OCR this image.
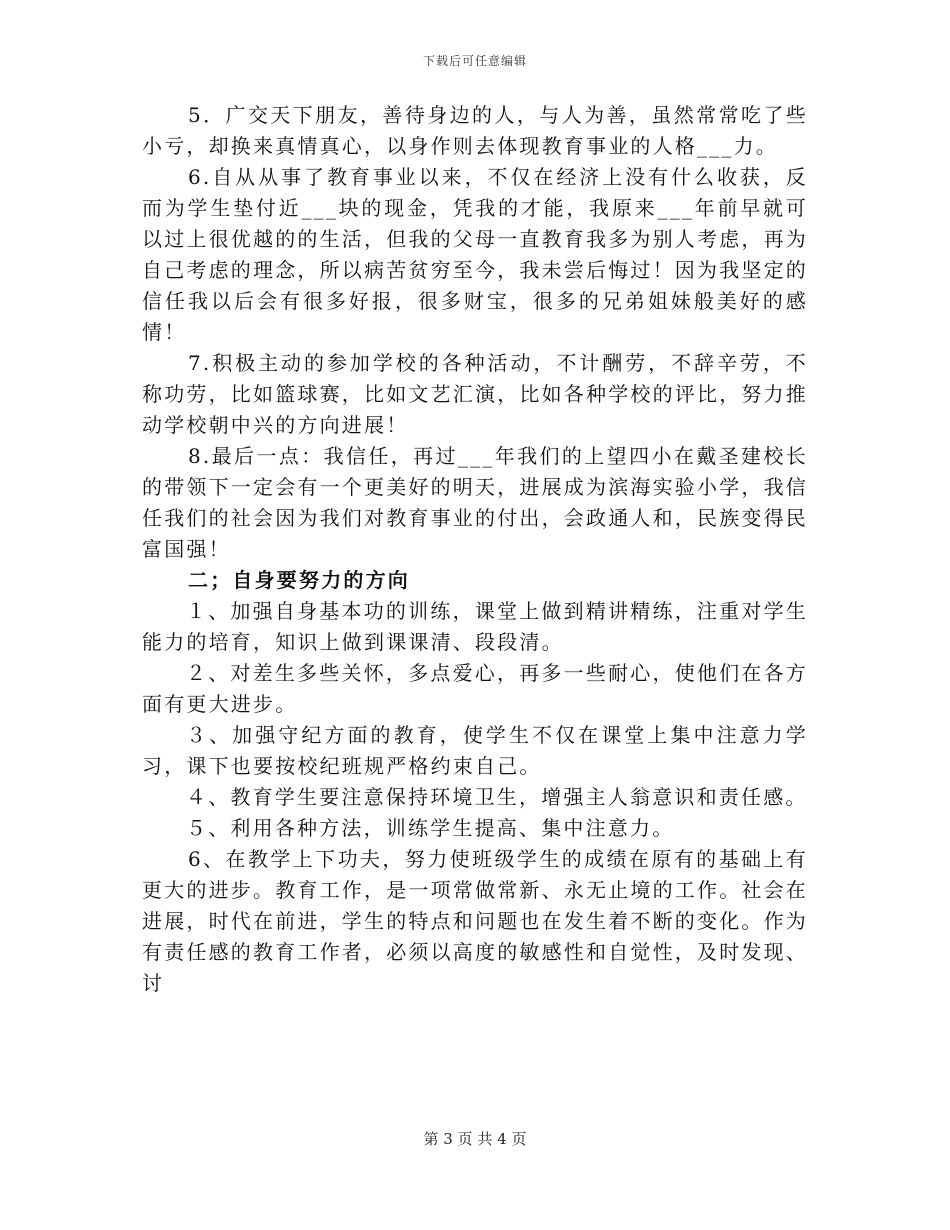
下载后可任意编辑

5．广交天下朋友，善待身边的人，与人为善，虽然常常吃了些小亏，却换来真情真心，以身作则去体现教育事业的人格___力。

6.自从从事了教育事业以来，不仅在经济上没有什么收获，反而为学生垫付近___块的现金，凭我的才能，我原来___年前早就可以过上很优越的的生活，但我的父母一直教育我多为别人考虑，再为自己考虑的理念，所以病苦贫穷至今，我未尝后悔过！因为我坚定的信任我以后会有很多好报，很多财宝，很多的兄弟姐妹般美好的感情！

7.积极主动的参加学校的各种活动，不计酬劳，不辞辛劳，不称功劳，比如篮球赛，比如文艺汇演，比如各种学校的评比，努力推动学校朝中兴的方向进展！

8.最后一点：我信任，再过___年我们的上望四小在戴圣建校长的带领下一定会有一个更美好的明天，进展成为滨海实验小学，我信任我们的社会因为我们对教育事业的付出，会政通人和，民族变得民富国强！

二；自身要努力的方向

１、加强自身基本功的训练，课堂上做到精讲精练，注重对学生能力的培育，知识上做到课课清、段段清。

２、对差生多些关怀，多点爱心，再多一些耐心，使他们在各方面有更大进步。

３、加强守纪方面的教育，使学生不仅在课堂上集中注意力学习，课下也要按校纪班规严格约束自己。

４、教育学生要注意保持环境卫生，增强主人翁意识和责任感。

５、利用各种方法，训练学生提高、集中注意力。

6、在教学上下功夫，努力使班级学生的成绩在原有的基础上有更大的进步。教育工作，是一项常做常新、永无止境的工作。社会在进展，时代在前进，学生的特点和问题也在发生着不断的变化。作为有责任感的教育工作者，必须以高度的敏感性和自觉性，及时发现、讨

第 3 页 共 4 页
